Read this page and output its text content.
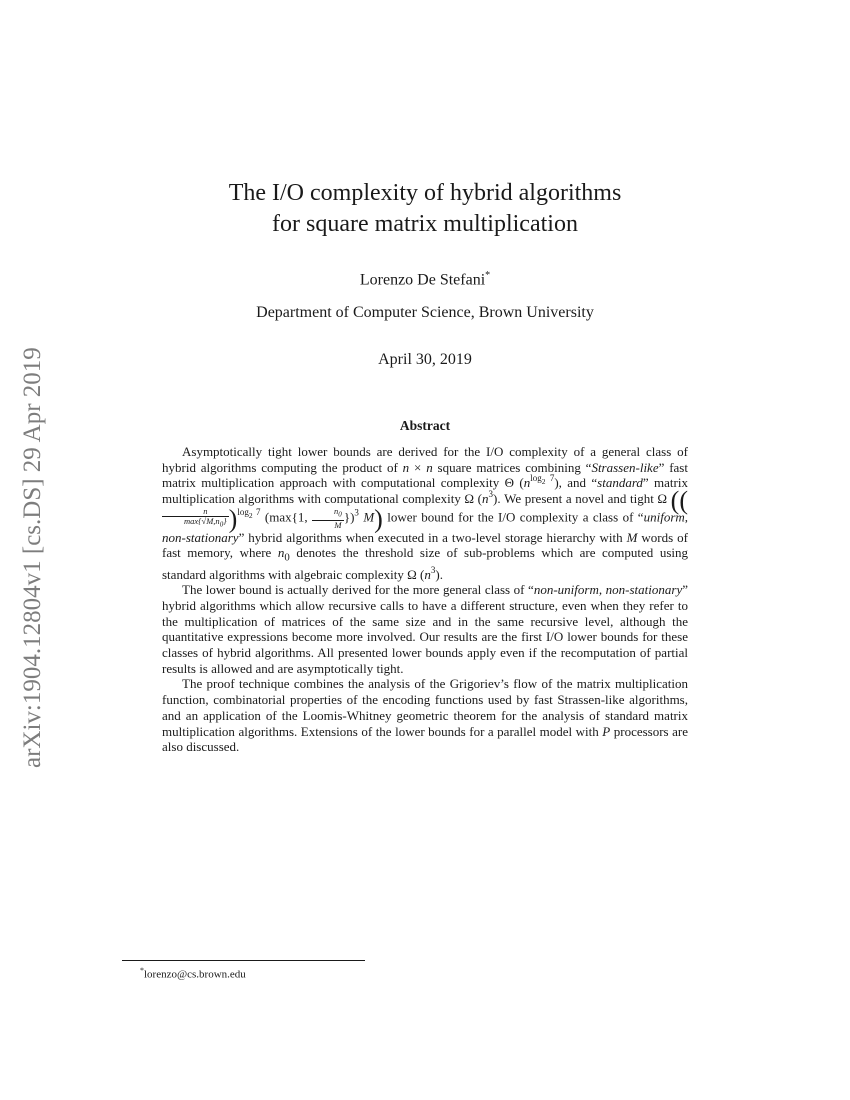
arXiv:1904.12804v1 [cs.DS] 29 Apr 2019
The I/O complexity of hybrid algorithms
for square matrix multiplication
Lorenzo De Stefani*
Department of Computer Science, Brown University
April 30, 2019
Abstract

Asymptotically tight lower bounds are derived for the I/O complexity of a general class of hybrid algorithms computing the product of n × n square matrices combining “Strassen-like” fast matrix multiplication approach with computational complexity Θ $(n^{log_2 7})$, and “standard” matrix multiplication algorithms with computational complexity Ω $(n^3)$. We present a novel and tight Ω ((
$\frac{n}{\max\{√M,n_0\}} )^{log_2 7}$ (max{1, $\frac{n_0}{M} \})^3$ M) lower bound for the I/O complexity a class of “uniform, non-stationary” hybrid algorithms when executed in a two-level storage hierarchy with M words of fast memory, where $n_0$ denotes the threshold size of sub-problems which are computed using standard algorithms with algebraic complexity Ω $(n^3)$.

The lower bound is actually derived for the more general class of “non-uniform, non-stationary” hybrid algorithms which allow recursive calls to have a different structure, even when they refer to the multiplication of matrices of the same size and in the same recursive level, although the quantitative expressions become more involved. Our results are the first I/O lower bounds for these classes of hybrid algorithms. All presented lower bounds apply even if the recomputation of partial results is allowed and are asymptotically tight.

The proof technique combines the analysis of the Grigoriev’s flow of the matrix multiplication function, combinatorial properties of the encoding functions used by fast Strassen-like algorithms, and an application of the Loomis-Whitney geometric theorem for the analysis of standard matrix multiplication algorithms. Extensions of the lower bounds for a parallel model with P processors are also discussed.

*lorenzo@cs.brown.edu
